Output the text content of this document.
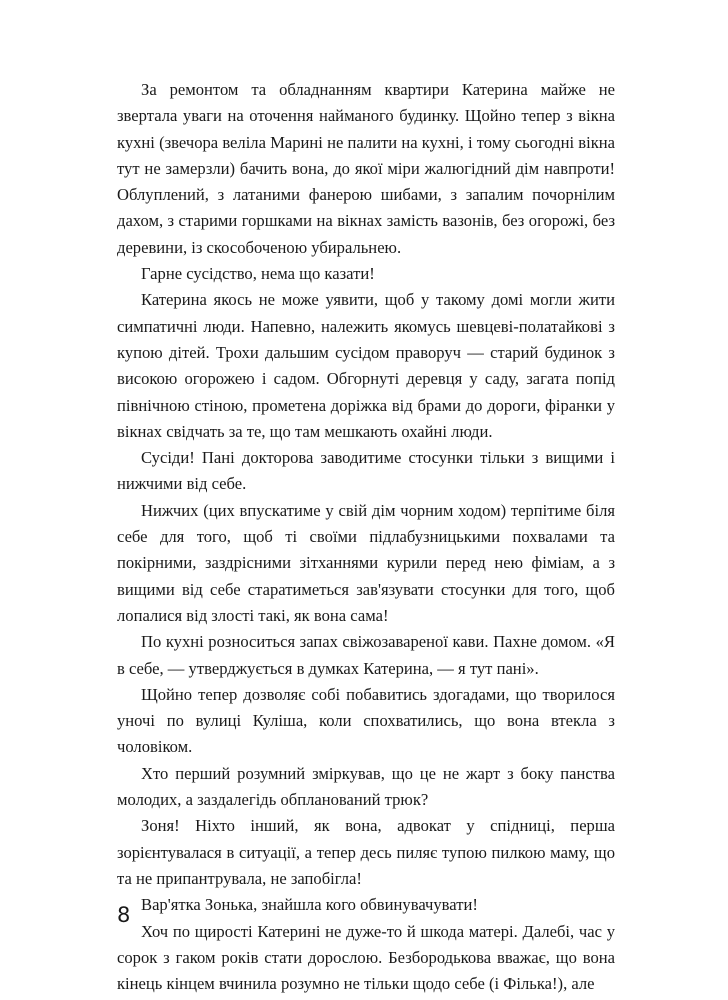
За ремонтом та обладнанням квартири Катерина майже не звертала уваги на оточення найманого будинку. Щойно тепер з вікна кухні (звечора веліла Марині не палити на кухні, і тому сьогодні вікна тут не замерзли) бачить вона, до якої міри жалюгідний дім навпроти! Облуплений, з латаними фанерою шибами, з запалим почорнілим дахом, з старими горшками на вікнах замість вазонів, без огорожі, без деревини, із скособоченою убиральнею.

Гарне сусідство, нема що казати!

Катерина якось не може уявити, щоб у такому домі могли жити симпатичні люди. Напевно, належить якомусь шевцеві-полатайкові з купою дітей. Трохи дальшим сусідом праворуч — старий будинок з високою огорожею і садом. Обгорнуті деревця у саду, загата попід північною стіною, прометена доріжка від брами до дороги, фіранки у вікнах свідчать за те, що там мешкають охайні люди.

Сусіди! Пані докторова заводитиме стосунки тільки з вищими і нижчими від себе.

Нижчих (цих впускатиме у свій дім чорним ходом) терпітиме біля себе для того, щоб ті своїми підлабузницькими похвалами та покірними, заздрісними зітханнями курили перед нею фіміам, а з вищими від себе старатиметься зав'язувати стосунки для того, щоб лопалися від злості такі, як вона сама!

По кухні розноситься запах свіжозавареної кави. Пахне домом. «Я в себе, — утверджується в думках Катерина, — я тут пані».

Щойно тепер дозволяє собі побавитись здогадами, що творилося уночі по вулиці Куліша, коли спохватились, що вона втекла з чоловіком.

Хто перший розумний зміркував, що це не жарт з боку панства молодих, а заздалегідь обпланований трюк?

Зоня! Ніхто інший, як вона, адвокат у спідниці, перша зорієнтувалася в ситуації, а тепер десь пиляє тупою пилкою маму, що та не припантрувала, не запобігла!

Вар'ятка Зонька, знайшла кого обвинувачувати!

Хоч по щирості Катерині не дуже-то й шкода матері. Далебі, час у сорок з гаком років стати дорослою. Безбородькова вважає, що вона кінець кінцем вчинила розумно не тільки щодо себе (і Філька!), але

8
